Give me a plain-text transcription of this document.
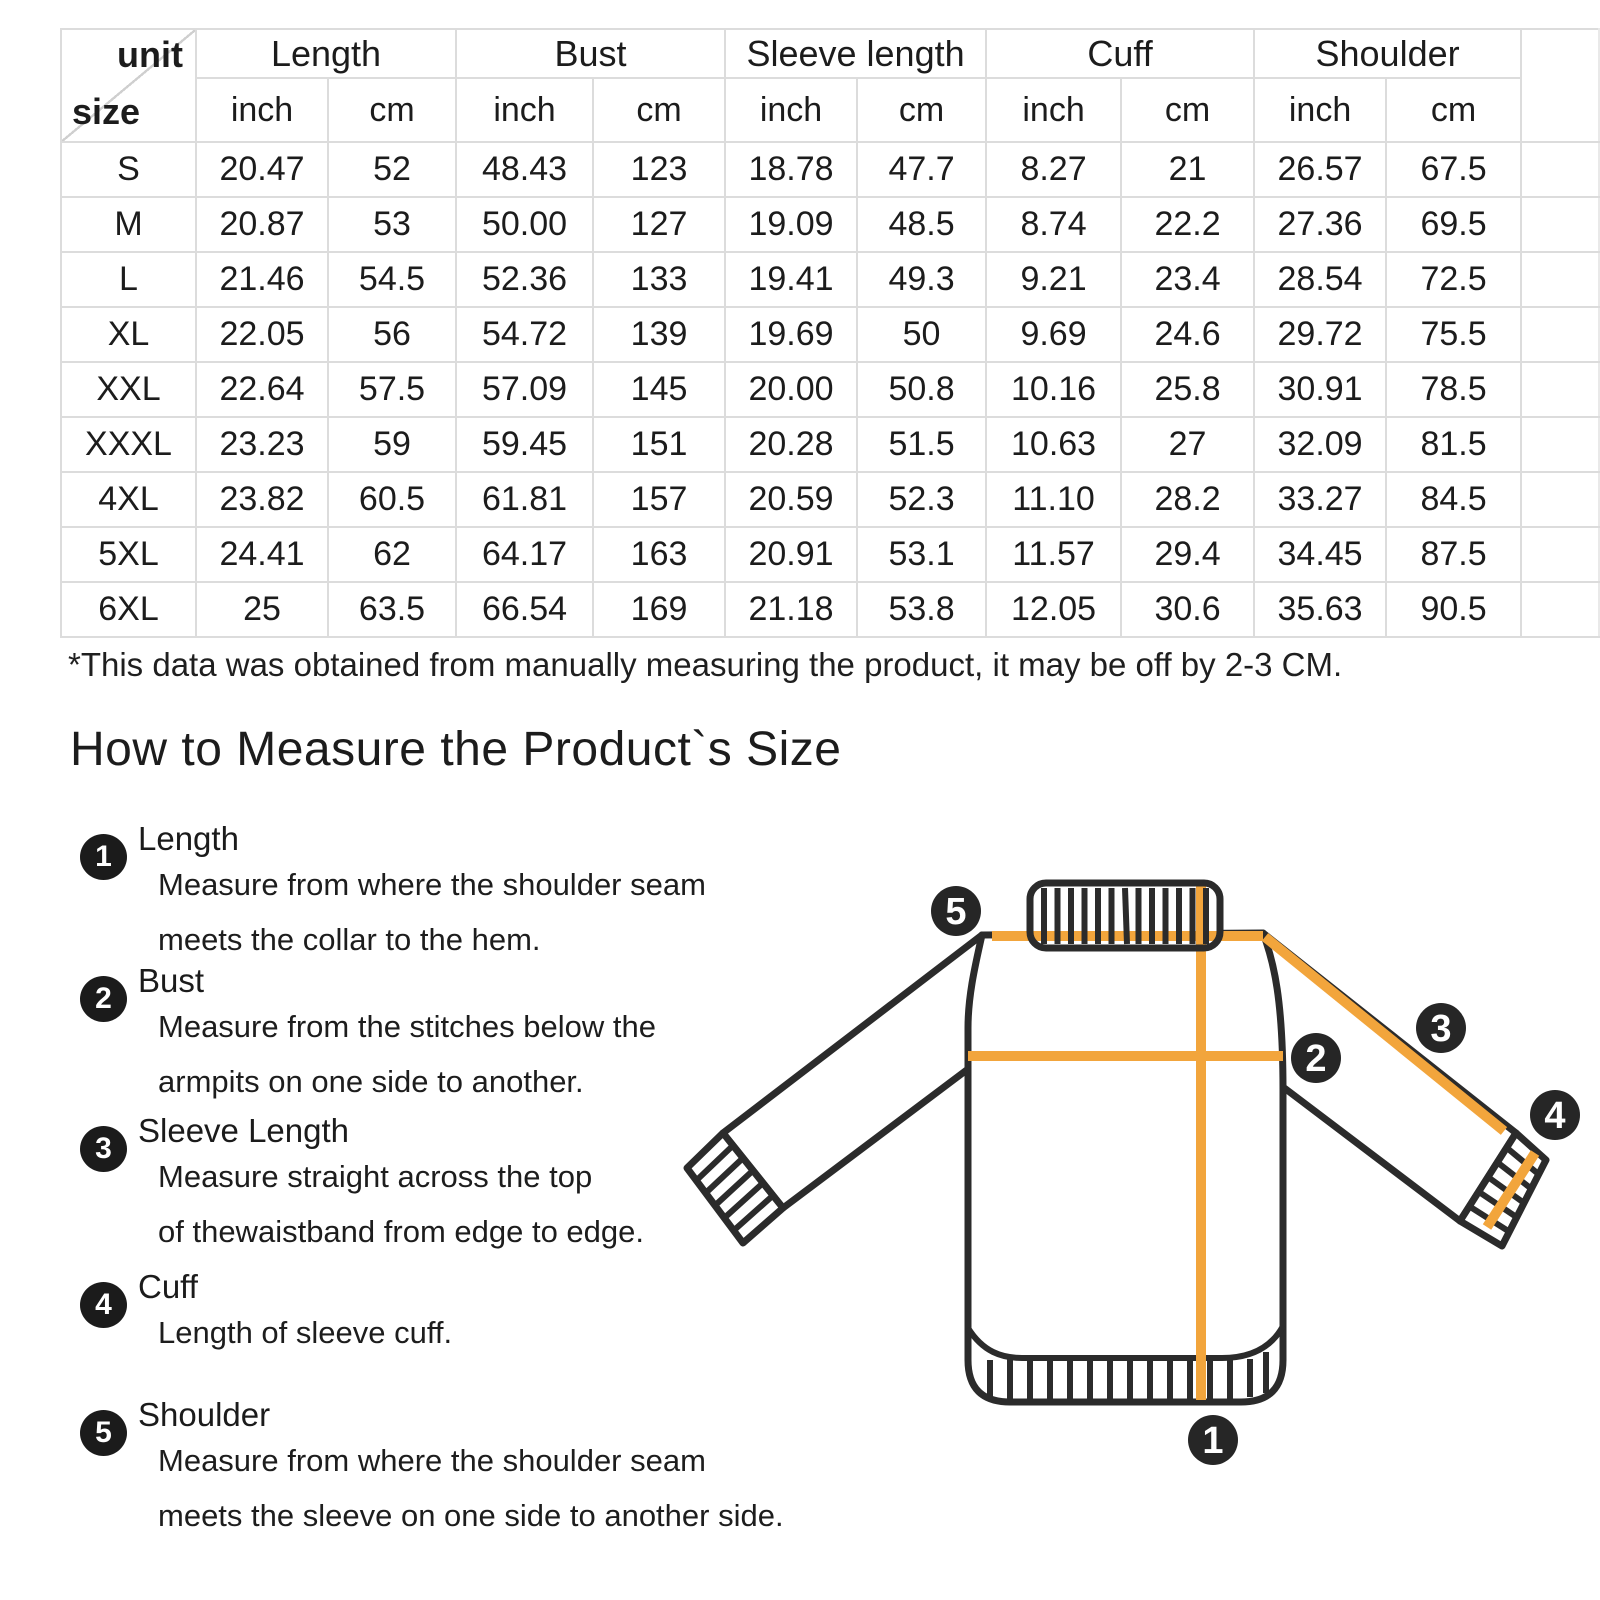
unit
size	Length		Bust		Sleeve length		Cuff		Shoulder		
	inch	cm	inch	cm	inch	cm	inch	cm	inch	cm	
S	20.47	52	48.43	123	18.78	47.7	8.27	21	26.57	67.5	
M	20.87	53	50.00	127	19.09	48.5	8.74	22.2	27.36	69.5	
L	21.46	54.5	52.36	133	19.41	49.3	9.21	23.4	28.54	72.5	
XL	22.05	56	54.72	139	19.69	50	9.69	24.6	29.72	75.5	
XXL	22.64	57.5	57.09	145	20.00	50.8	10.16	25.8	30.91	78.5	
XXXL	23.23	59	59.45	151	20.28	51.5	10.63	27	32.09	81.5	
4XL	23.82	60.5	61.81	157	20.59	52.3	11.10	28.2	33.27	84.5	
5XL	24.41	62	64.17	163	20.91	53.1	11.57	29.4	34.45	87.5	
6XL	25	63.5	66.54	169	21.18	53.8	12.05	30.6	35.63	90.5	
*This data was obtained from manually measuring the product, it may be off by 2-3 CM.
How to Measure the Product`s Size
1 Length

Measure from where the shoulder seam

meets the collar to the hem.

2 Bust

Measure from the stitches below the

armpits on one side to another.

3 Sleeve Length

Measure straight across the top

of thewaistband from edge to edge.

4 Cuff

Length of sleeve cuff.

5 Shoulder

Measure from where the shoulder seam

meets the sleeve on one side to another side.

5
2
3
4
1
